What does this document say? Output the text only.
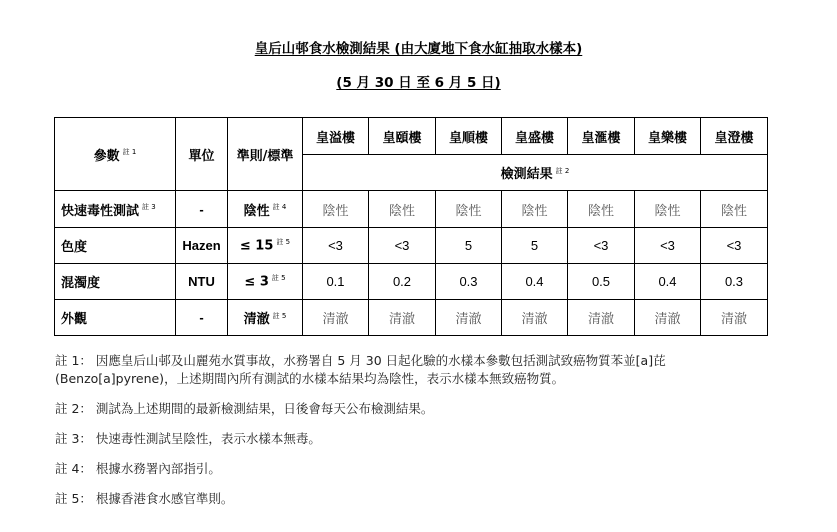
皇后山邨食水檢測結果 (由大廈地下食水缸抽取水樣本)
(5 月 30 日 至 6 月 5 日)
參數 $^{註 1}$	單位	準則/標準	皇溢樓	皇頤樓	皇順樓	皇盛樓	皇滙樓	皇樂樓	皇澄樓
			檢測結果 $^{註 2}$
快速毒性測試 $^{註 3}$	-	陰性 $^{註 4}$	陰性	陰性	陰性	陰性	陰性	陰性	陰性
色度	Hazen	≤ 15 $^{註 5}$	<3	<3	5	5	<3	<3	<3
混濁度	NTU	≤ 3 $^{註 5}$	0.1	0.2	0.3	0.4	0.5	0.4	0.3
外觀	-	清澈 $^{註 5}$	清澈	清澈	清澈	清澈	清澈	清澈	清澈

註 1： 因應皇后山邨及山麗苑水質事故，水務署自 5 月 30 日起化驗的水樣本參數包括測試致癌物質苯並[a]芘 (Benzo[a]pyrene)，上述期間內所有測試的水樣本結果均為陰性，表示水樣本無致癌物質。

註 2： 測試為上述期間的最新檢測結果，日後會每天公布檢測結果。

註 3： 快速毒性測試呈陰性，表示水樣本無毒。

註 4： 根據水務署內部指引。

註 5： 根據香港食水感官準則。
